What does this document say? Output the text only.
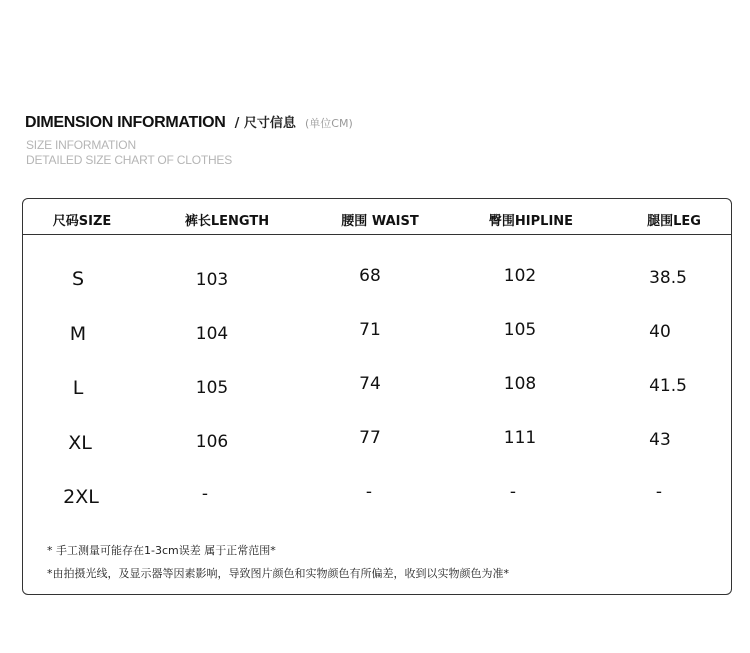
DIMENSION INFORMATION / 尺寸信息 (单位CM)
SIZE INFORMATION
DETAILED SIZE CHART OF CLOTHES
尺码SIZE	裤长LENGTH	腰围 WAIST	臀围HIPLINE	腿围LEG
S	103	68	102	38.5
M	104	71	105	40
L	105	74	108	41.5
XL	106	77	111	43
2XL	-	-	-	-
* 手工测量可能存在1-3cm误差 属于正常范围*
*由拍摄光线，及显示器等因素影响，导致图片颜色和实物颜色有所偏差，收到以实物颜色为准*
